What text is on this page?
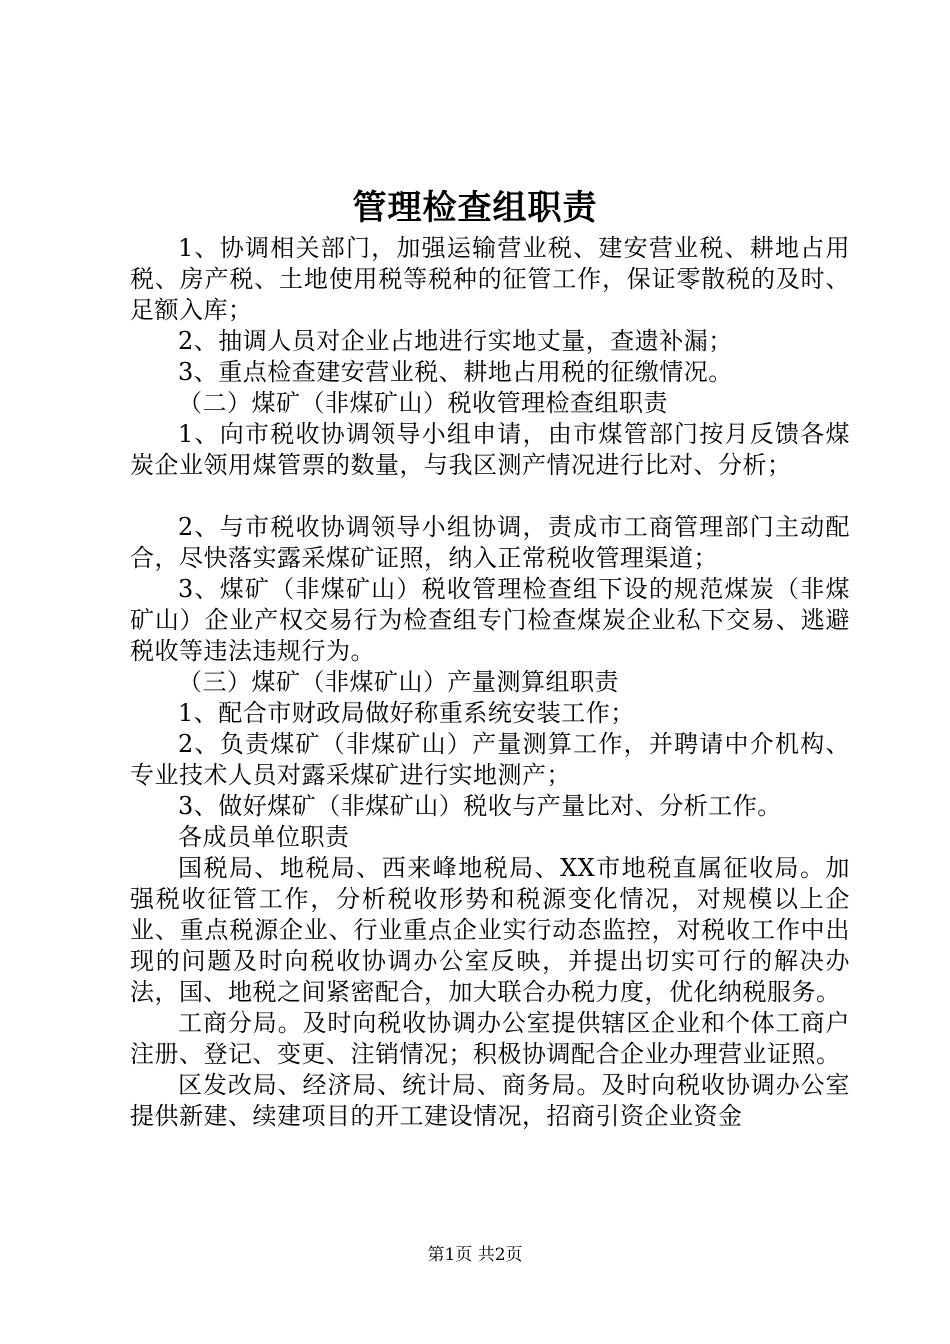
管理检查组职责

1、协调相关部门，加强运输营业税、建安营业税、耕地占用税、房产税、土地使用税等税种的征管工作，保证零散税的及时、足额入库；

2、抽调人员对企业占地进行实地丈量，查遗补漏；

3、重点检查建安营业税、耕地占用税的征缴情况。

（二）煤矿（非煤矿山）税收管理检查组职责

1、向市税收协调领导小组申请，由市煤管部门按月反馈各煤炭企业领用煤管票的数量，与我区测产情况进行比对、分析；

2、与市税收协调领导小组协调，责成市工商管理部门主动配合，尽快落实露采煤矿证照，纳入正常税收管理渠道；

3、煤矿（非煤矿山）税收管理检查组下设的规范煤炭（非煤矿山）企业产权交易行为检查组专门检查煤炭企业私下交易、逃避税收等违法违规行为。

（三）煤矿（非煤矿山）产量测算组职责

1、配合市财政局做好称重系统安装工作；

2、负责煤矿（非煤矿山）产量测算工作，并聘请中介机构、专业技术人员对露采煤矿进行实地测产；

3、做好煤矿（非煤矿山）税收与产量比对、分析工作。

各成员单位职责

国税局、地税局、西来峰地税局、XX市地税直属征收局。加强税收征管工作，分析税收形势和税源变化情况，对规模以上企业、重点税源企业、行业重点企业实行动态监控，对税收工作中出现的问题及时向税收协调办公室反映，并提出切实可行的解决办法，国、地税之间紧密配合，加大联合办税力度，优化纳税服务。

工商分局。及时向税收协调办公室提供辖区企业和个体工商户注册、登记、变更、注销情况；积极协调配合企业办理营业证照。

区发改局、经济局、统计局、商务局。及时向税收协调办公室提供新建、续建项目的开工建设情况，招商引资企业资金

第1页 共2页
